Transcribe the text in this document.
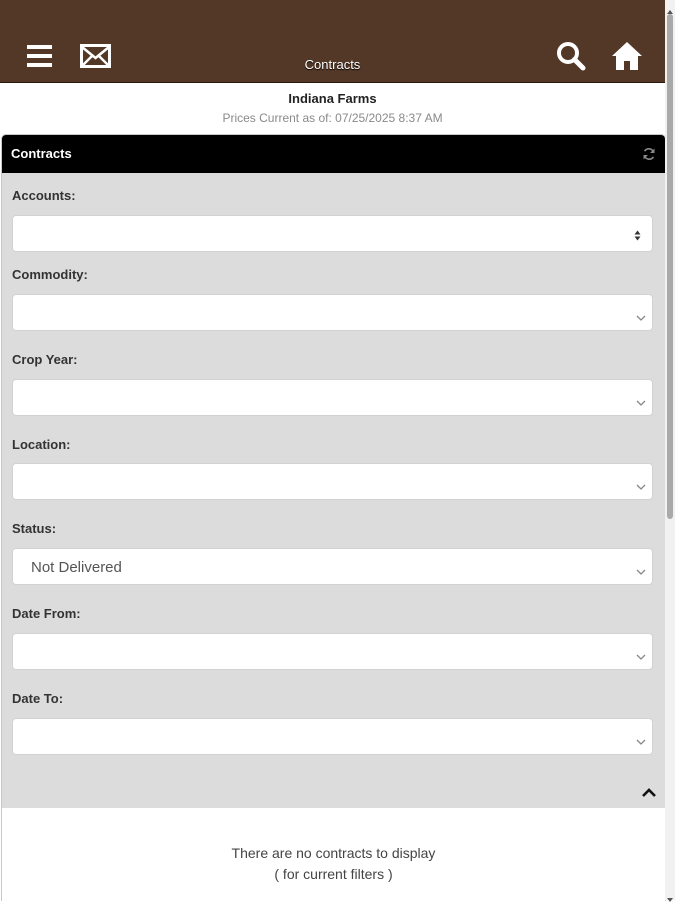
Contracts
Indiana Farms
Prices Current as of: 07/25/2025 8:37 AM
Contracts
Accounts:
Commodity:
Crop Year:
Location:
Status:
Not Delivered
Date From:
Date To:
There are no contracts to display
( for current filters )
